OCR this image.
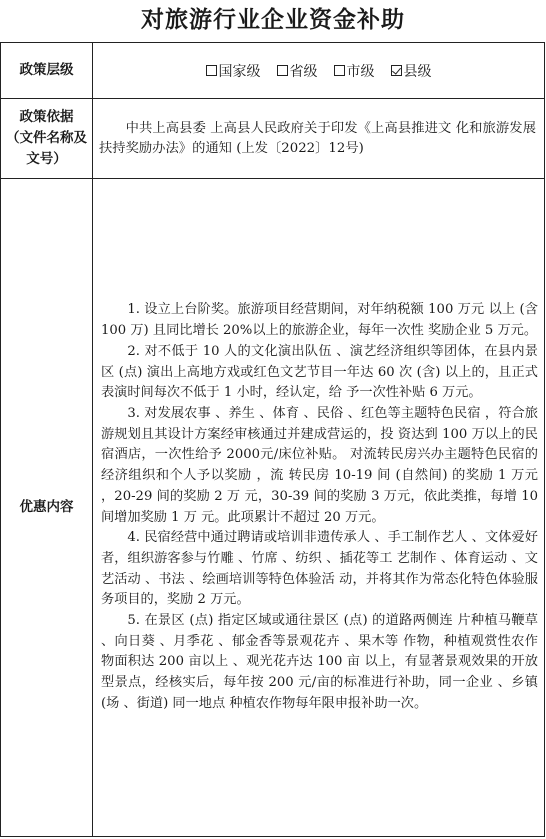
对旅游行业企业资金补助
政策层级	国家级 省级 市级 县级
政策依据
（文件名称及文号）
中共上高县委 上高县人民政府关于印发《上高县推进文 化和旅游发展扶持奖励办法》的通知 (上发〔2022〕12号)
优惠内容

1. 设立上台阶奖。旅游项目经营期间，对年纳税额 100 万元 以上 (含 100 万) 且同比增长 20%以上的旅游企业，每年一次性 奖励企业 5 万元。

2. 对不低于 10 人的文化演出队伍 、演艺经济组织等团体，在县内景区 (点) 演出上高地方戏或红色文艺节目一年达 60 次 (含) 以上的，且正式表演时间每次不低于 1 小时，经认定，给 予一次性补贴 6 万元。

3. 对发展农事 、养生 、体育 、民俗 、红色等主题特色民宿 ，符合旅游规划且其设计方案经审核通过并建成营运的，投 资达到 100 万以上的民宿酒店，一次性给予 2000元/床位补贴。 对流转民房兴办主题特色民宿的经济组织和个人予以奖励 ，流 转民房 10-19 间 (自然间) 的奖励 1 万元 ，20-29 间的奖励 2 万 元，30-39 间的奖励 3 万元，依此类推，每增 10 间增加奖励 1 万 元。此项累计不超过 20 万元。

4. 民宿经营中通过聘请或培训非遗传承人 、手工制作艺人 、文体爱好者，组织游客参与竹雕 、竹席 、纺织 、插花等工 艺制作 、体育运动 、文艺活动 、书法 、绘画培训等特色体验活 动，并将其作为常态化特色体验服务项目的，奖励 2 万元。

5. 在景区 (点) 指定区域或通往景区 (点) 的道路两侧连 片种植马鞭草 、向日葵 、月季花 、郁金香等景观花卉 、果木等 作物，种植观赏性农作物面积达 200 亩以上 、观光花卉达 100 亩 以上，有显著景观效果的开放型景点，经核实后，每年按 200 元/亩的标准进行补助，同一企业 、乡镇 (场 、街道) 同一地点 种植农作物每年限申报补助一次。
